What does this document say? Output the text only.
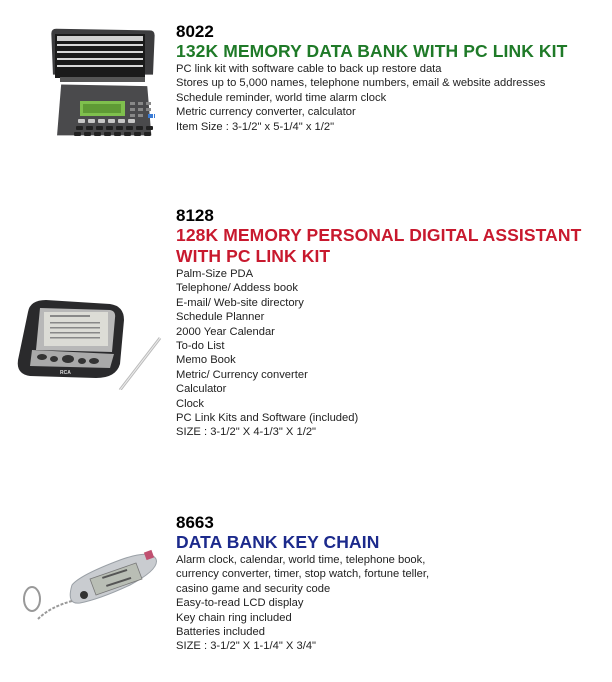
8022
132K MEMORY DATA BANK WITH PC LINK KIT
PC link kit with software cable to back up restore data
Stores up to 5,000 names, telephone numbers, email & website addresses
Schedule reminder, world time alarm clock
Metric currency converter, calculator
Item Size : 3-1/2" x 5-1/4" x 1/2"
RCA
8128
128K MEMORY PERSONAL DIGITAL ASSISTANT
WITH PC LINK KIT
Palm-Size PDA
Telephone/ Addess book
E-mail/ Web-site directory
Schedule Planner
2000 Year Calendar
To-do List
Memo Book
Metric/ Currency converter
Calculator
Clock
PC Link Kits and Software (included)
SIZE : 3-1/2" X 4-1/3" X 1/2"
8663
DATA BANK KEY CHAIN
Alarm clock, calendar, world time, telephone book,
currency converter, timer, stop watch, fortune teller,
casino game and security code
Easy-to-read LCD display
Key chain ring included
Batteries included
SIZE : 3-1/2" X 1-1/4" X 3/4"
